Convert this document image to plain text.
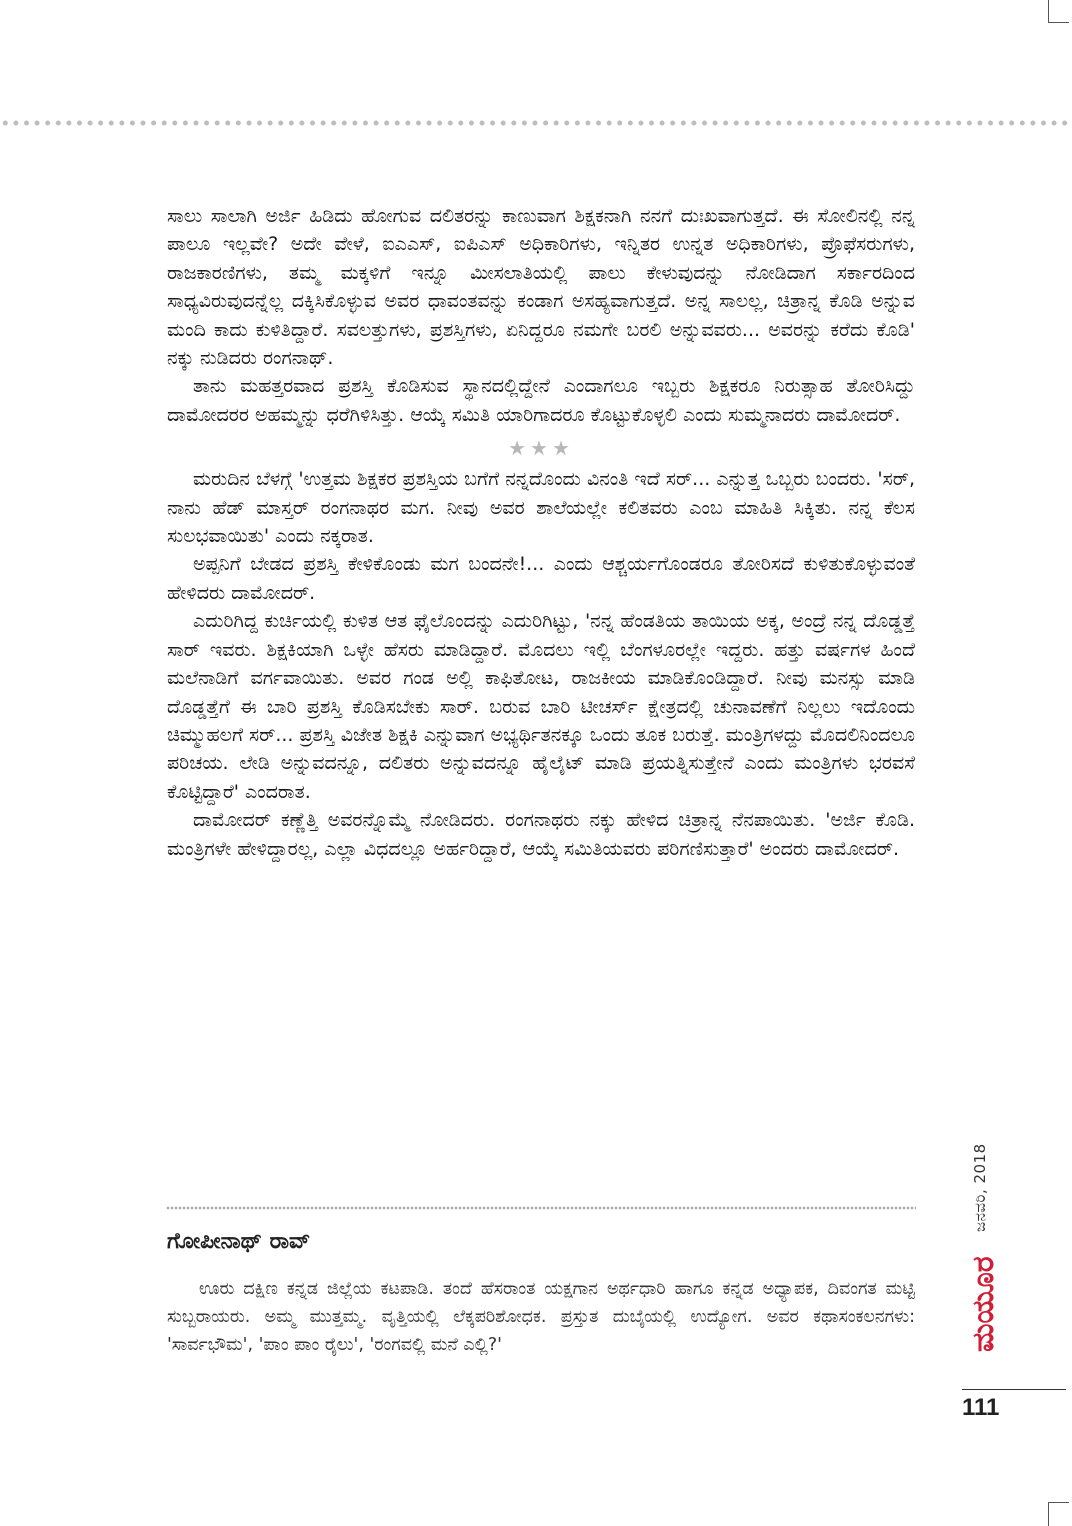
ಸಾಲು ಸಾಲಾಗಿ ಅರ್ಜಿ ಹಿಡಿದು ಹೋಗುವ ದಲಿತರನ್ನು ಕಾಣುವಾಗ ಶಿಕ್ಷಕನಾಗಿ ನನಗೆ ದುಃಖವಾಗುತ್ತದೆ. ಈ ಸೋಲಿನಲ್ಲಿ ನನ್ನ ಪಾಲೂ ಇಲ್ಲವೇ? ಅದೇ ವೇಳೆ, ಐಎಎಸ್, ಐಪಿಎಸ್ ಅಧಿಕಾರಿಗಳು, ಇನ್ನಿತರ ಉನ್ನತ ಅಧಿಕಾರಿಗಳು, ಪ್ರೊಫೆಸರುಗಳು, ರಾಜಕಾರಣಿಗಳು, ತಮ್ಮ ಮಕ್ಕಳಿಗೆ ಇನ್ನೂ ಮೀಸಲಾತಿಯಲ್ಲಿ ಪಾಲು ಕೇಳುವುದನ್ನು ನೋಡಿದಾಗ ಸರ್ಕಾರದಿಂದ ಸಾಧ್ಯವಿರುವುದನ್ನೆಲ್ಲ ದಕ್ಕಿಸಿಕೊಳ್ಳುವ ಅವರ ಧಾವಂತವನ್ನು ಕಂಡಾಗ ಅಸಹ್ಯವಾಗುತ್ತದೆ. ಅನ್ನ ಸಾಲಲ್ಲ, ಚಿತ್ರಾನ್ನ ಕೊಡಿ ಅನ್ನುವ ಮಂದಿ ಕಾದು ಕುಳಿತಿದ್ದಾರೆ. ಸವಲತ್ತುಗಳು, ಪ್ರಶಸ್ತಿಗಳು, ಏನಿದ್ದರೂ ನಮಗೇ ಬರಲಿ ಅನ್ನುವವರು... ಅವರನ್ನು ಕರೆದು ಕೊಡಿ' ನಕ್ಕು ನುಡಿದರು ರಂಗನಾಥ್.

ತಾನು ಮಹತ್ತರವಾದ ಪ್ರಶಸ್ತಿ ಕೊಡಿಸುವ ಸ್ಥಾನದಲ್ಲಿದ್ದೇನೆ ಎಂದಾಗಲೂ ಇಬ್ಬರು ಶಿಕ್ಷಕರೂ ನಿರುತ್ಸಾಹ ತೋರಿಸಿದ್ದು ದಾಮೋದರರ ಅಹಮ್ಮನ್ನು ಧರೆಗಿಳಿಸಿತ್ತು. ಆಯ್ಕೆ ಸಮಿತಿ ಯಾರಿಗಾದರೂ ಕೊಟ್ಟುಕೊಳ್ಳಲಿ ಎಂದು ಸುಮ್ಮನಾದರು ದಾಮೋದರ್.

★★★

ಮರುದಿನ ಬೆಳಗ್ಗೆ 'ಉತ್ತಮ ಶಿಕ್ಷಕರ ಪ್ರಶಸ್ತಿಯ ಬಗೆಗೆ ನನ್ನದೊಂದು ವಿನಂತಿ ಇದೆ ಸರ್... ಎನ್ನುತ್ತ ಒಬ್ಬರು ಬಂದರು. 'ಸರ್, ನಾನು ಹೆಡ್ ಮಾಸ್ತರ್ ರಂಗನಾಥರ ಮಗ. ನೀವು ಅವರ ಶಾಲೆಯಲ್ಲೇ ಕಲಿತವರು ಎಂಬ ಮಾಹಿತಿ ಸಿಕ್ಕಿತು. ನನ್ನ ಕೆಲಸ ಸುಲಭವಾಯಿತು' ಎಂದು ನಕ್ಕರಾತ.

ಅಪ್ಪನಿಗೆ ಬೇಡದ ಪ್ರಶಸ್ತಿ ಕೇಳಿಕೊಂಡು ಮಗ ಬಂದನೇ!... ಎಂದು ಆಶ್ಚರ್ಯಗೊಂಡರೂ ತೋರಿಸದೆ ಕುಳಿತುಕೊಳ್ಳುವಂತೆ ಹೇಳಿದರು ದಾಮೋದರ್.

ಎದುರಿಗಿದ್ದ ಕುರ್ಚಿಯಲ್ಲಿ ಕುಳಿತ ಆತ ಫೈಲೊಂದನ್ನು ಎದುರಿಗಿಟ್ಟು, 'ನನ್ನ ಹೆಂಡತಿಯ ತಾಯಿಯ ಅಕ್ಕ, ಅಂದ್ರೆ ನನ್ನ ದೊಡ್ಡತ್ತೆ ಸಾರ್ ಇವರು. ಶಿಕ್ಷಕಿಯಾಗಿ ಒಳ್ಳೇ ಹೆಸರು ಮಾಡಿದ್ದಾರೆ. ಮೊದಲು ಇಲ್ಲಿ ಬೆಂಗಳೂರಲ್ಲೇ ಇದ್ದರು. ಹತ್ತು ವರ್ಷಗಳ ಹಿಂದೆ ಮಲೆನಾಡಿಗೆ ವರ್ಗವಾಯಿತು. ಅವರ ಗಂಡ ಅಲ್ಲಿ ಕಾಫಿತೋಟ, ರಾಜಕೀಯ ಮಾಡಿಕೊಂಡಿದ್ದಾರೆ. ನೀವು ಮನಸ್ಸು ಮಾಡಿ ದೊಡ್ಡತ್ತೆಗೆ ಈ ಬಾರಿ ಪ್ರಶಸ್ತಿ ಕೊಡಿಸಬೇಕು ಸಾರ್. ಬರುವ ಬಾರಿ ಟೀಚರ್ಸ್ ಕ್ಷೇತ್ರದಲ್ಲಿ ಚುನಾವಣೆಗೆ ನಿಲ್ಲಲು ಇದೊಂದು ಚಿಮ್ಮುಹಲಗೆ ಸರ್... ಪ್ರಶಸ್ತಿ ವಿಜೇತ ಶಿಕ್ಷಕಿ ಎನ್ನುವಾಗ ಅಭ್ಯರ್ಥಿತನಕ್ಕೂ ಒಂದು ತೂಕ ಬರುತ್ತೆ. ಮಂತ್ರಿಗಳದ್ದು ಮೊದಲಿನಿಂದಲೂ ಪರಿಚಯ. ಲೇಡಿ ಅನ್ನುವದನ್ನೂ, ದಲಿತರು ಅನ್ನುವದನ್ನೂ ಹೈಲೈಟ್ ಮಾಡಿ ಪ್ರಯತ್ನಿಸುತ್ತೇನೆ ಎಂದು ಮಂತ್ರಿಗಳು ಭರವಸೆ ಕೊಟ್ಟಿದ್ದಾರೆ' ಎಂದರಾತ.

ದಾಮೋದರ್ ಕಣ್ಣೆತ್ತಿ ಅವರನ್ನೊಮ್ಮೆ ನೋಡಿದರು. ರಂಗನಾಥರು ನಕ್ಕು ಹೇಳಿದ ಚಿತ್ರಾನ್ನ ನೆನಪಾಯಿತು. 'ಅರ್ಜಿ ಕೊಡಿ. ಮಂತ್ರಿಗಳೇ ಹೇಳಿದ್ದಾರಲ್ಲ, ಎಲ್ಲಾ ವಿಧದಲ್ಲೂ ಅರ್ಹರಿದ್ದಾರೆ, ಆಯ್ಕೆ ಸಮಿತಿಯವರು ಪರಿಗಣಿಸುತ್ತಾರೆ' ಅಂದರು ದಾಮೋದರ್.

ಗೋಪೀನಾಥ್ ರಾವ್

ಊರು ದಕ್ಷಿಣ ಕನ್ನಡ ಜಿಲ್ಲೆಯ ಕಟಪಾಡಿ. ತಂದೆ ಹೆಸರಾಂತ ಯಕ್ಷಗಾನ ಅರ್ಥಧಾರಿ ಹಾಗೂ ಕನ್ನಡ ಅಧ್ಯಾಪಕ, ದಿವಂಗತ ಮಟ್ಟಿ ಸುಬ್ಬರಾಯರು. ಅಮ್ಮ ಮುತ್ತಮ್ಮ. ವೃತ್ತಿಯಲ್ಲಿ ಲೆಕ್ಕಪರಿಶೋಧಕ. ಪ್ರಸ್ತುತ ದುಬೈಯಲ್ಲಿ ಉದ್ಯೋಗ. ಅವರ ಕಥಾಸಂಕಲನಗಳು: 'ಸಾರ್ವಭೌಮ', 'ಪಾಂ ಪಾಂ ರೈಲು', 'ರಂಗವಲ್ಲಿ ಮನೆ ಎಲ್ಲಿ?'

ಜನವರಿ, 2018
ಮಯೂರ
111
